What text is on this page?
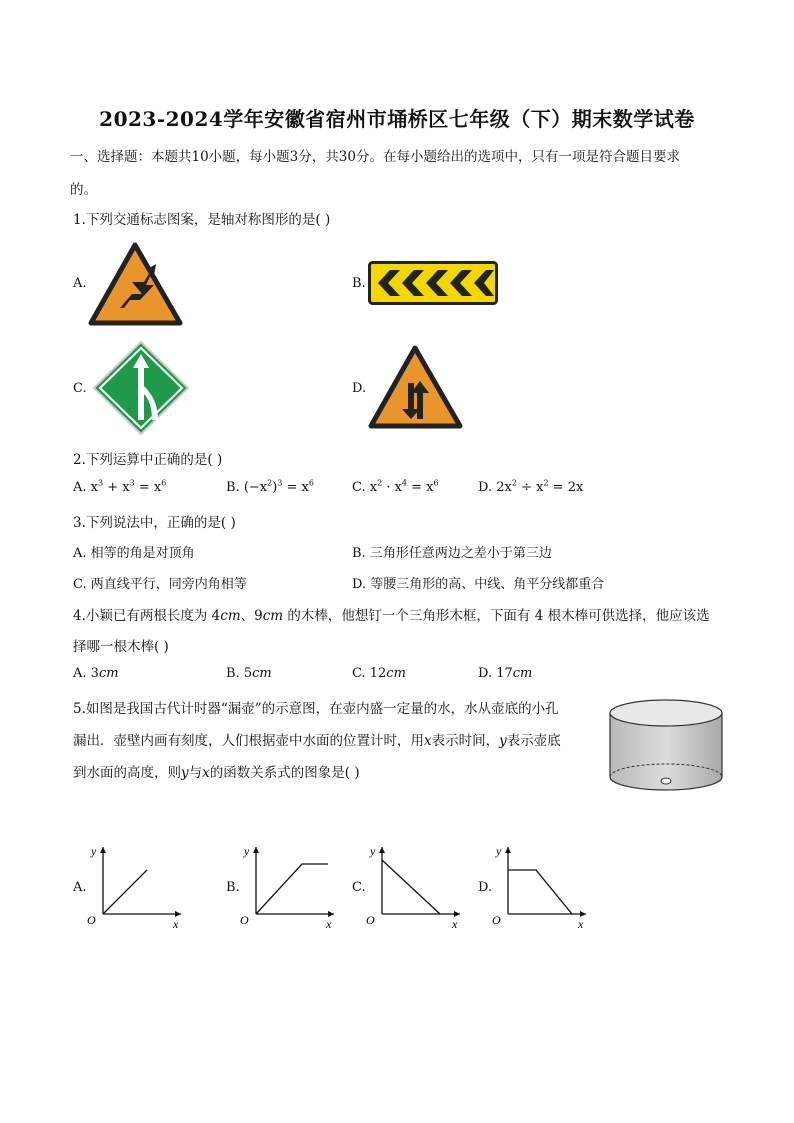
2023-2024学年安徽省宿州市埇桥区七年级（下）期末数学试卷
一、选择题：本题共10小题，每小题3分，共30分。在每小题给出的选项中，只有一项是符合题目要求
的。
1.下列交通标志图案，是轴对称图形的是( )
A.	B.
C.	D.
2.下列运算中正确的是( )
A. $x^3 + x^3 = x^6$	B. $(-x^2)^3 = x^6$	C. $x^2 \cdot x^4 = x^6$	D. $2x^2 \div x^2 = 2x$
3.下列说法中，正确的是( )
A. 相等的角是对顶角	B. 三角形任意两边之差小于第三边
C. 两直线平行，同旁内角相等	D. 等腰三角形的高、中线、角平分线都重合
4.小颖已有两根长度为 4cm、9cm 的木棒，他想钉一个三角形木框，下面有 4 根木棒可供选择，他应该选
择哪一根木棒( )
A. 3cm	B. 5cm	C. 12cm	D. 17cm
5.如图是我国古代计时器“漏壶”的示意图，在壶内盛一定量的水，水从壶底的小孔
漏出．壶壁内画有刻度，人们根据壶中水面的位置计时，用x表示时间，y表示壶底
到水面的高度，则y与x的函数关系式的图象是( )
A.
y
x
O
B.
y
x
O
C.
y
x
O
D.
y
x
O
